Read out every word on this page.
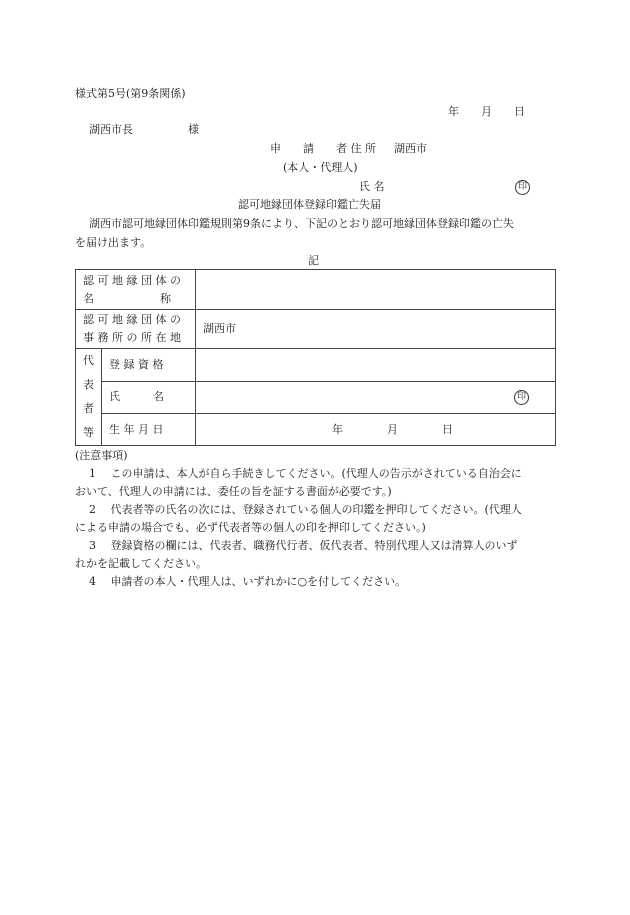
様式第5号(第9条関係)
年　　月　　日
湖西市長　　　　　様
申　　請　　者 住 所 湖西市
(本人・代理人)
氏 名	印
認可地縁団体登録印鑑亡失届
湖西市認可地縁団体印鑑規則第9条により、下記のとおり認可地縁団体登録印鑑の亡失
を届け出ます。
記
認 可 地 縁 団 体 の
名　　　　　　称		

認 可 地 縁 団 体 の
事 務 所 の 所 在 地		湖西市

代表者等	登 録 資 格	
	氏　　　名	印

	生 年 月 日	年　　　　月　　　　日
(注意事項)
1 この申請は、本人が自ら手続きしてください。(代理人の告示がされている自治会に
おいて、代理人の申請には、委任の旨を証する書面が必要です。)
2 代表者等の氏名の次には、登録されている個人の印鑑を押印してください。(代理人
による申請の場合でも、必ず代表者等の個人の印を押印してください。)
3 登録資格の欄には、代表者、職務代行者、仮代表者、特別代理人又は清算人のいず
れかを記載してください。
4 申請者の本人・代理人は、いずれかに○を付してください。
